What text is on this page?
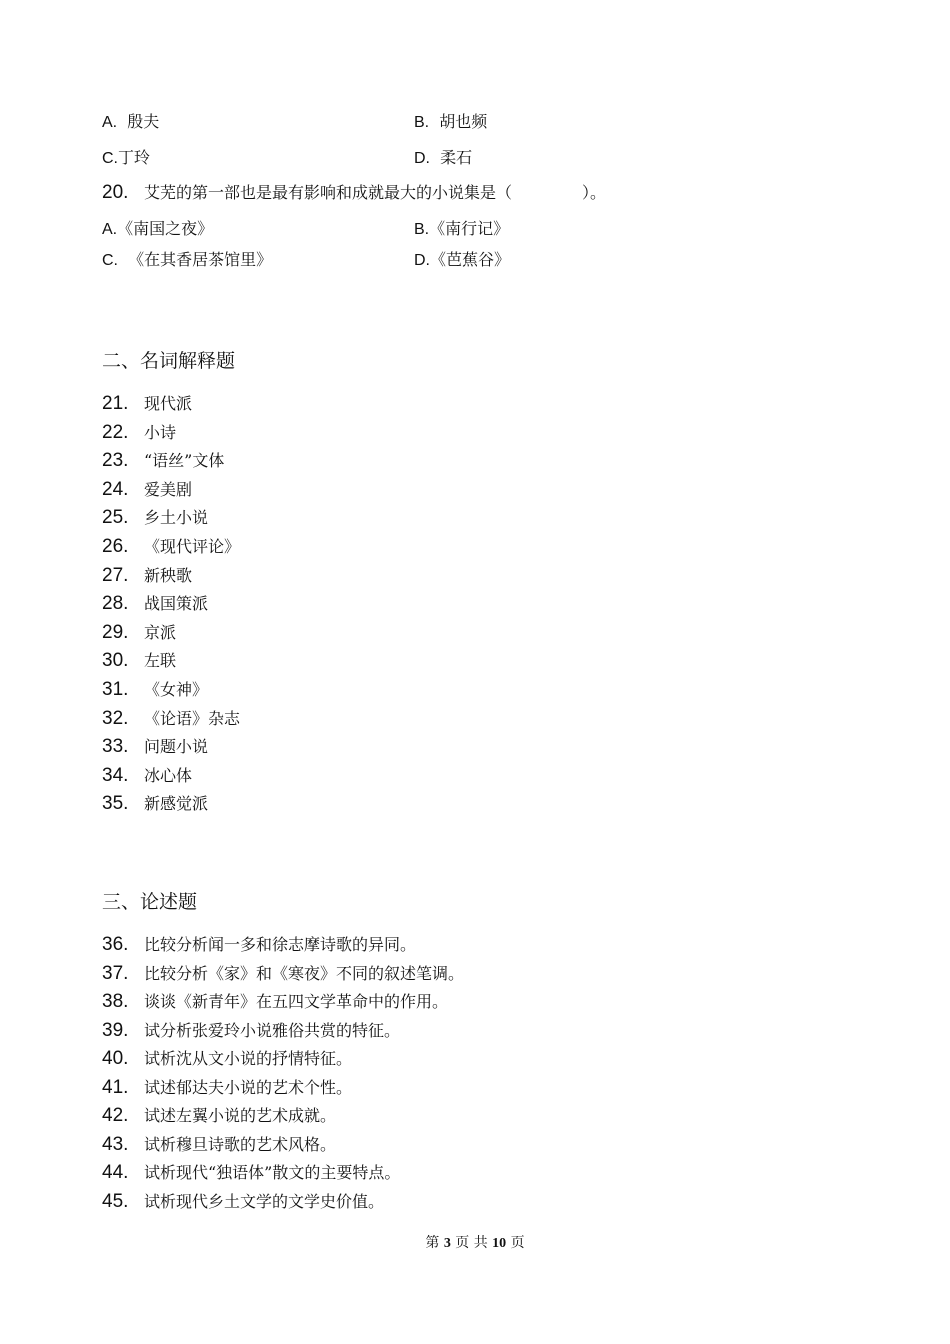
A. 殷夫	B. 胡也频
C.丁玲	D. 柔石
20. 艾芜的第一部也是最有影响和成就最大的小说集是（	）。
A.《南国之夜》	B.《南行记》
C. 《在其香居茶馆里》	D.《芭蕉谷》
二、名词解释题
21. 现代派
22. 小诗
23. “语丝”文体
24. 爱美剧
25. 乡土小说
26. 《现代评论》
27. 新秧歌
28. 战国策派
29. 京派
30. 左联
31. 《女神》
32. 《论语》杂志
33. 问题小说
34. 冰心体
35. 新感觉派
三、论述题
36. 比较分析闻一多和徐志摩诗歌的异同。
37. 比较分析《家》和《寒夜》不同的叙述笔调。
38. 谈谈《新青年》在五四文学革命中的作用。
39. 试分析张爱玲小说雅俗共赏的特征。
40. 试析沈从文小说的抒情特征。
41. 试述郁达夫小说的艺术个性。
42. 试述左翼小说的艺术成就。
43. 试析穆旦诗歌的艺术风格。
44. 试析现代“独语体”散文的主要特点。
45. 试析现代乡土文学的文学史价值。
第 3 页 共 10 页
